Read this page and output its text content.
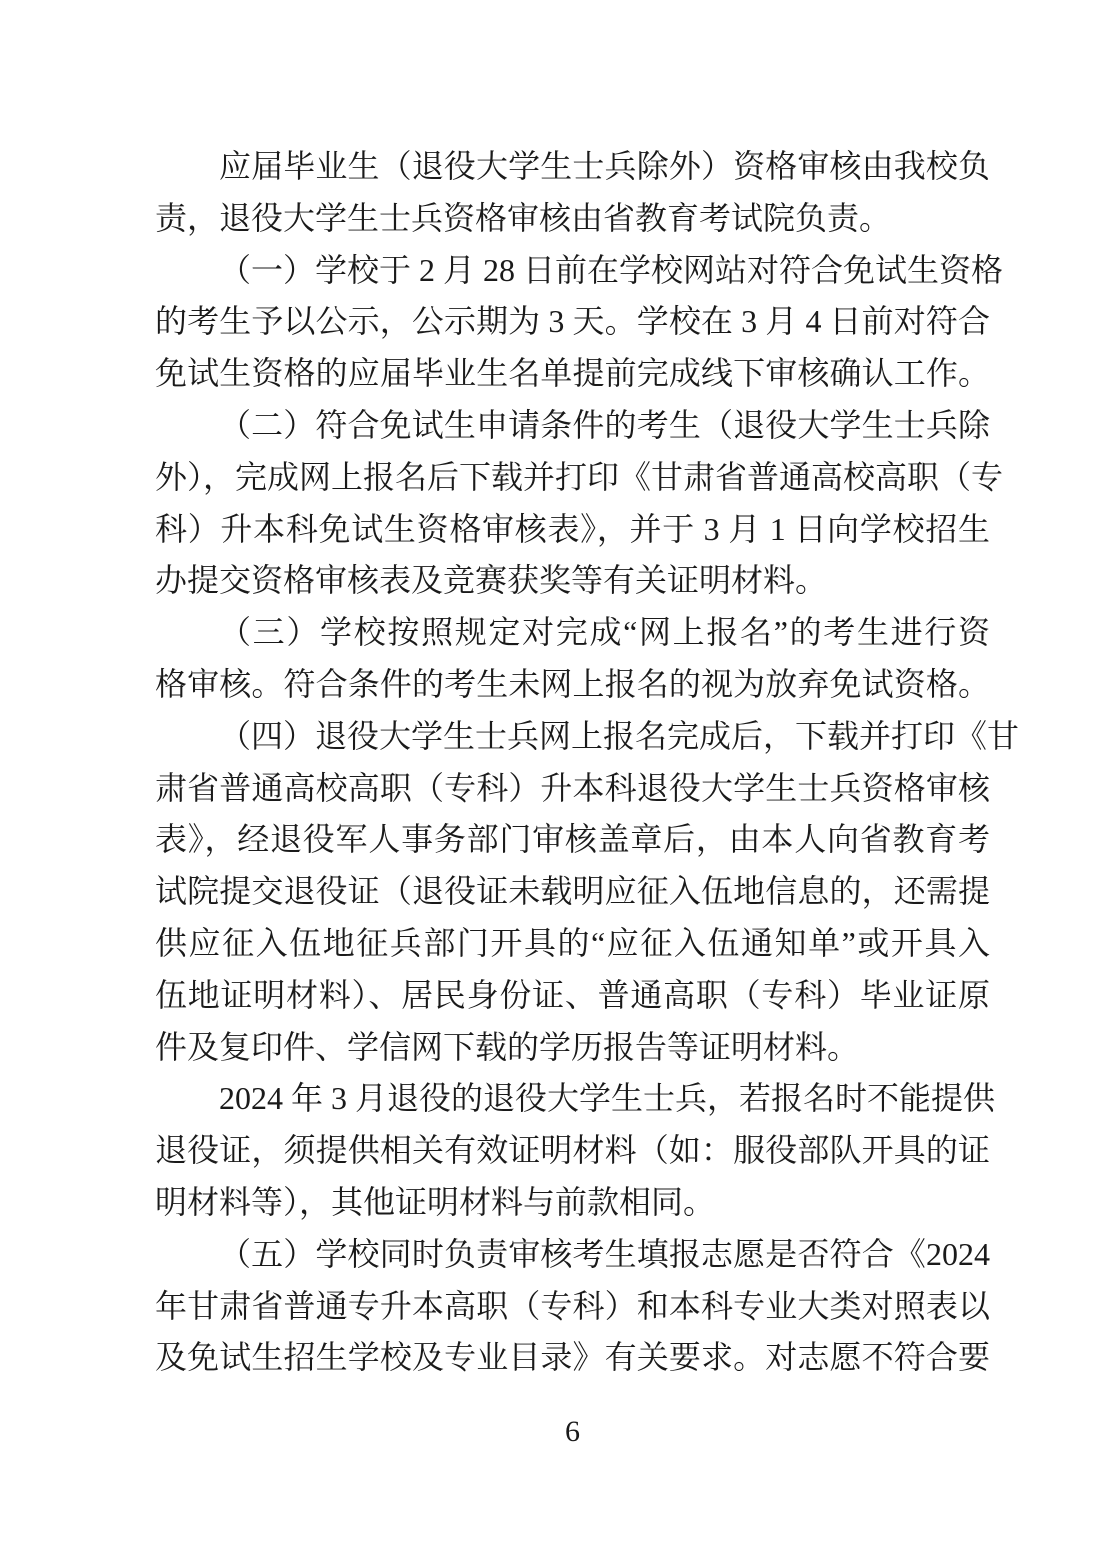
应届毕业生（退役大学生士兵除外）资格审核由我校负
责，退役大学生士兵资格审核由省教育考试院负责。
（一）学校于 2 月 28 日前在学校网站对符合免试生资格
的考生予以公示，公示期为 3 天。学校在 3 月 4 日前对符合
免试生资格的应届毕业生名单提前完成线下审核确认工作。
（二）符合免试生申请条件的考生（退役大学生士兵除
外），完成网上报名后下载并打印《甘肃省普通高校高职（专
科）升本科免试生资格审核表》，并于 3 月 1 日向学校招生
办提交资格审核表及竞赛获奖等有关证明材料。
（三）学校按照规定对完成“网上报名”的考生进行资
格审核。符合条件的考生未网上报名的视为放弃免试资格。
（四）退役大学生士兵网上报名完成后，下载并打印《甘
肃省普通高校高职（专科）升本科退役大学生士兵资格审核
表》，经退役军人事务部门审核盖章后，由本人向省教育考
试院提交退役证（退役证未载明应征入伍地信息的，还需提
供应征入伍地征兵部门开具的“应征入伍通知单”或开具入
伍地证明材料）、居民身份证、普通高职（专科）毕业证原
件及复印件、学信网下载的学历报告等证明材料。
2024 年 3 月退役的退役大学生士兵，若报名时不能提供
退役证，须提供相关有效证明材料（如：服役部队开具的证
明材料等），其他证明材料与前款相同。
（五）学校同时负责审核考生填报志愿是否符合《2024
年甘肃省普通专升本高职（专科）和本科专业大类对照表以
及免试生招生学校及专业目录》有关要求。对志愿不符合要
6
